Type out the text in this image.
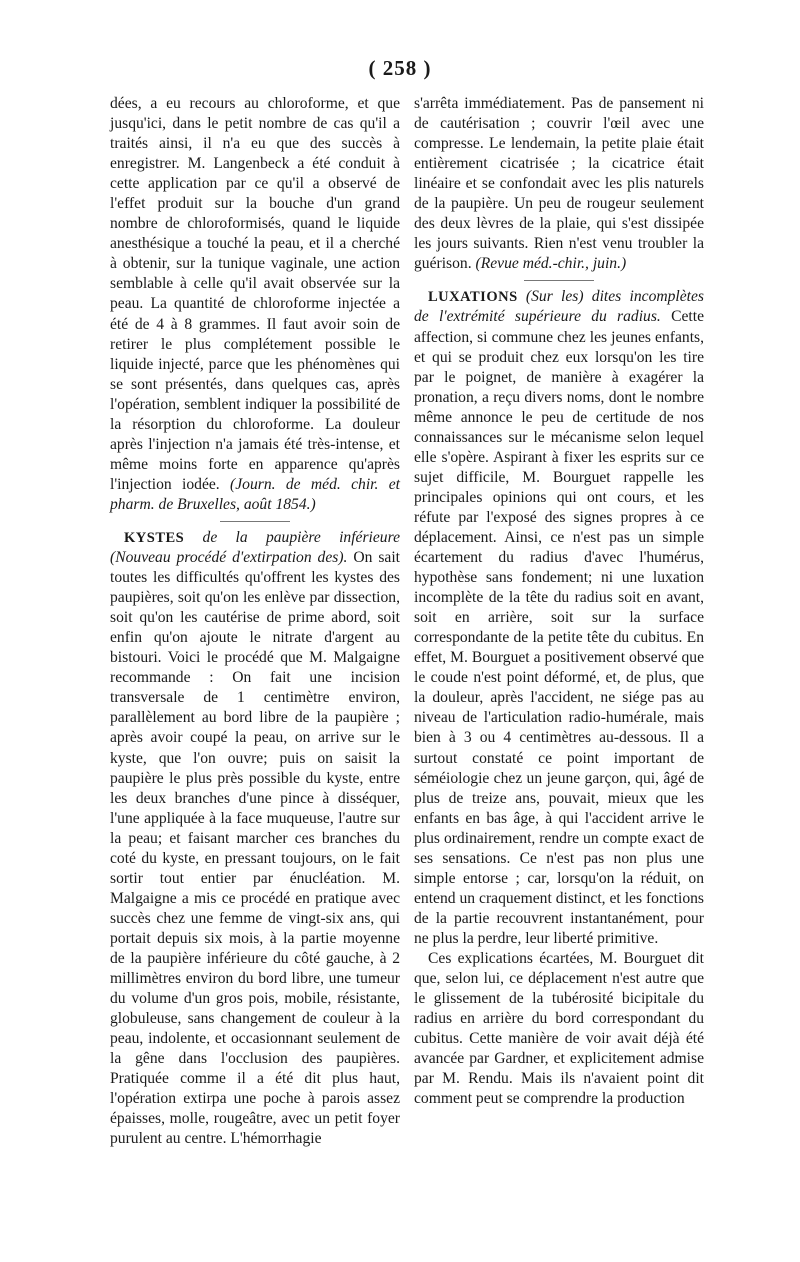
( 258 )

dées, a eu recours au chloroforme, et que jusqu'ici, dans le petit nombre de cas qu'il a traités ainsi, il n'a eu que des succès à enregistrer. M. Langenbeck a été conduit à cette application par ce qu'il a observé de l'effet produit sur la bouche d'un grand nombre de chloroformisés, quand le liquide anesthésique a touché la peau, et il a cherché à obtenir, sur la tunique vaginale, une action semblable à celle qu'il avait observée sur la peau. La quantité de chloroforme injectée a été de 4 à 8 grammes. Il faut avoir soin de retirer le plus complétement possible le liquide injecté, parce que les phénomènes qui se sont présentés, dans quelques cas, après l'opération, semblent indiquer la possibilité de la résorption du chloroforme. La douleur après l'injection n'a jamais été très-intense, et même moins forte en apparence qu'après l'injection iodée. (Journ. de méd. chir. et pharm. de Bruxelles, août 1854.)

KYSTES de la paupière inférieure (Nouveau procédé d'extirpation des). On sait toutes les difficultés qu'offrent les kystes des paupières, soit qu'on les enlève par dissection, soit qu'on les cautérise de prime abord, soit enfin qu'on ajoute le nitrate d'argent au bistouri. Voici le procédé que M. Malgaigne recommande : On fait une incision transversale de 1 centimètre environ, parallèlement au bord libre de la paupière ; après avoir coupé la peau, on arrive sur le kyste, que l'on ouvre; puis on saisit la paupière le plus près possible du kyste, entre les deux branches d'une pince à disséquer, l'une appliquée à la face muqueuse, l'autre sur la peau; et faisant marcher ces branches du coté du kyste, en pressant toujours, on le fait sortir tout entier par énucléation. M. Malgaigne a mis ce procédé en pratique avec succès chez une femme de vingt-six ans, qui portait depuis six mois, à la partie moyenne de la paupière inférieure du côté gauche, à 2 millimètres environ du bord libre, une tumeur du volume d'un gros pois, mobile, résistante, globuleuse, sans changement de couleur à la peau, indolente, et occasionnant seulement de la gêne dans l'occlusion des paupières. Pratiquée comme il a été dit plus haut, l'opération extirpa une poche à parois assez épaisses, molle, rougeâtre, avec un petit foyer purulent au centre. L'hémorrhagie

s'arrêta immédiatement. Pas de pansement ni de cautérisation ; couvrir l'œil avec une compresse. Le lendemain, la petite plaie était entièrement cicatrisée ; la cicatrice était linéaire et se confondait avec les plis naturels de la paupière. Un peu de rougeur seulement des deux lèvres de la plaie, qui s'est dissipée les jours suivants. Rien n'est venu troubler la guérison. (Revue méd.-chir., juin.)

LUXATIONS (Sur les) dites incomplètes de l'extrémité supérieure du radius. Cette affection, si commune chez les jeunes enfants, et qui se produit chez eux lorsqu'on les tire par le poignet, de manière à exagérer la pronation, a reçu divers noms, dont le nombre même annonce le peu de certitude de nos connaissances sur le mécanisme selon lequel elle s'opère. Aspirant à fixer les esprits sur ce sujet difficile, M. Bourguet rappelle les principales opinions qui ont cours, et les réfute par l'exposé des signes propres à ce déplacement. Ainsi, ce n'est pas un simple écartement du radius d'avec l'humérus, hypothèse sans fondement; ni une luxation incomplète de la tête du radius soit en avant, soit en arrière, soit sur la surface correspondante de la petite tête du cubitus. En effet, M. Bourguet a positivement observé que le coude n'est point déformé, et, de plus, que la douleur, après l'accident, ne siége pas au niveau de l'articulation radio-humérale, mais bien à 3 ou 4 centimètres au-dessous. Il a surtout constaté ce point important de séméiologie chez un jeune garçon, qui, âgé de plus de treize ans, pouvait, mieux que les enfants en bas âge, à qui l'accident arrive le plus ordinairement, rendre un compte exact de ses sensations. Ce n'est pas non plus une simple entorse ; car, lorsqu'on la réduit, on entend un craquement distinct, et les fonctions de la partie recouvrent instantanément, pour ne plus la perdre, leur liberté primitive.

Ces explications écartées, M. Bourguet dit que, selon lui, ce déplacement n'est autre que le glissement de la tubérosité bicipitale du radius en arrière du bord correspondant du cubitus. Cette manière de voir avait déjà été avancée par Gardner, et explicitement admise par M. Rendu. Mais ils n'avaient point dit comment peut se comprendre la production
